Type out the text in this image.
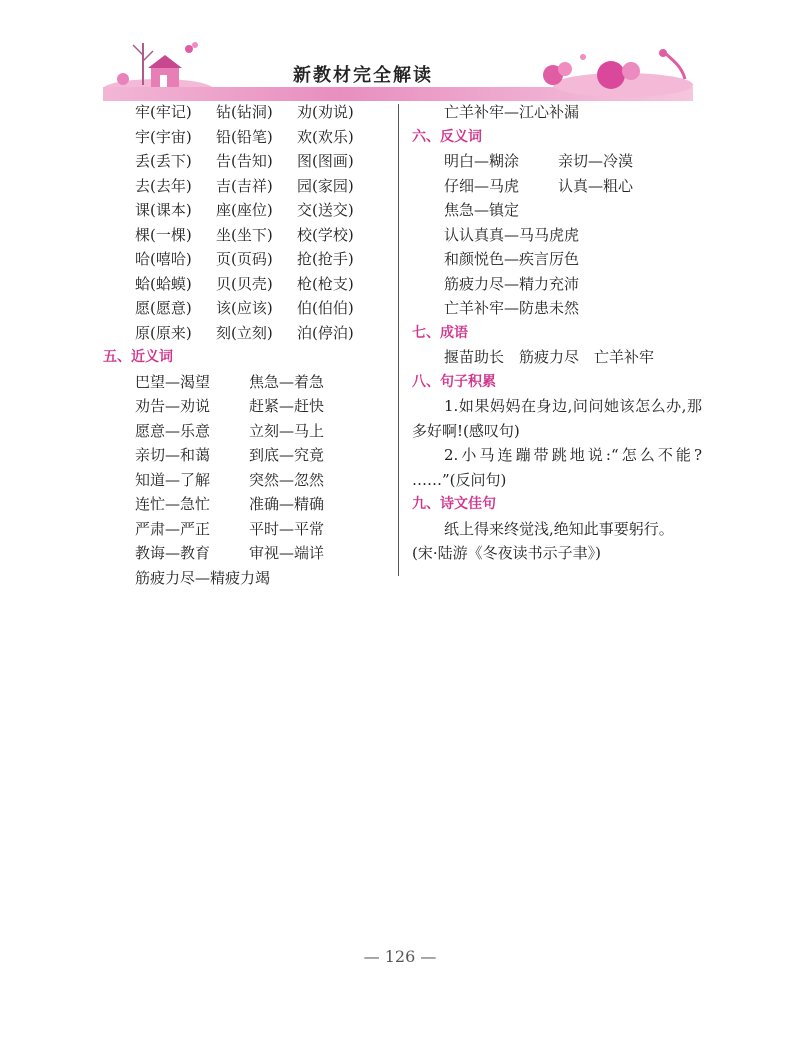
新教材完全解读
牢(牢记)	钻(钻洞)	劝(劝说)
宇(宇宙)	铅(铅笔)	欢(欢乐)
丢(丢下)	告(告知)	图(图画)
去(去年)	吉(吉祥)	园(家园)
课(课本)	座(座位)	交(送交)
棵(一棵)	坐(坐下)	校(学校)
哈(嘻哈)	页(页码)	抢(抢手)
蛤(蛤蟆)	贝(贝壳)	枪(枪支)
愿(愿意)	该(应该)	伯(伯伯)
原(原来)	刻(立刻)	泊(停泊)
五、近义词
巴望—渴望	焦急—着急
劝告—劝说	赶紧—赶快
愿意—乐意	立刻—马上
亲切—和蔼	到底—究竟
知道—了解	突然—忽然
连忙—急忙	准确—精确
严肃—严正	平时—平常
教诲—教育	审视—端详
筋疲力尽—精疲力竭
亡羊补牢—江心补漏
六、反义词
明白—糊涂	亲切—冷漠
仔细—马虎	认真—粗心
焦急—镇定
认认真真—马马虎虎
和颜悦色—疾言厉色
筋疲力尽—精力充沛
亡羊补牢—防患未然
七、成语
揠苗助长　筋疲力尽　亡羊补牢
八、句子积累
1.如果妈妈在身边,问问她该怎么办,那多好啊!(感叹句)
2.小马连蹦带跳地说:“怎么不能? ……”(反问句)
九、诗文佳句
纸上得来终觉浅,绝知此事要躬行。
(宋·陆游《冬夜读书示子聿》)
— 126 —
